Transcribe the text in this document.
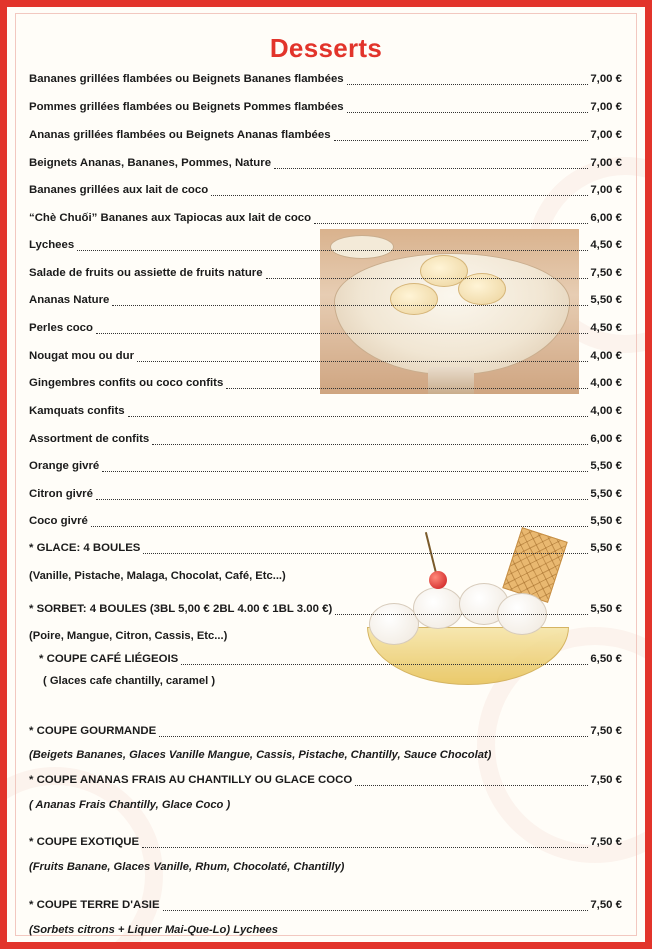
Desserts
Bananes grillées flambées ou Beignets Bananes flambées	7,00 €
Pommes grillées flambées ou Beignets Pommes flambées	7,00 €
Ananas grillées flambées ou Beignets Ananas flambées	7,00 €
Beignets Ananas, Bananes, Pommes, Nature	7,00 €
Bananes grillées aux lait de coco	7,00 €
“Chè Chuối” Bananes aux Tapiocas aux lait de coco	6,00 €
Lychees	4,50 €
Salade de fruits ou assiette de fruits nature	7,50 €
Ananas Nature	5,50 €
Perles coco	4,50 €
Nougat mou ou dur	4,00 €
Gingembres confits ou coco confits	4,00 €
Kamquats confits	4,00 €
Assortment de confits	6,00 €
Orange givré	5,50 €
Citron givré	5,50 €
Coco givré	5,50 €
* GLACE: 4 BOULES	5,50 €
(Vanille, Pistache, Malaga, Chocolat, Café, Etc...)
* SORBET: 4 BOULES (3BL 5,00 € 2BL 4.00 € 1BL 3.00 €)	5,50 €
(Poire, Mangue, Citron, Cassis, Etc...)
* COUPE CAFÉ LIÉGEOIS	6,50 €
( Glaces cafe chantilly, caramel )
* COUPE GOURMANDE	7,50 €
(Beigets Bananes, Glaces Vanille Mangue, Cassis, Pistache, Chantilly, Sauce Chocolat)
* COUPE ANANAS FRAIS AU CHANTILLY OU GLACE COCO	7,50 €
( Ananas Frais Chantilly, Glace Coco )
* COUPE EXOTIQUE	7,50 €
(Fruits Banane, Glaces Vanille, Rhum, Chocolaté, Chantilly)
* COUPE TERRE D'ASIE	7,50 €
(Sorbets citrons + Liquer Mai-Que-Lo) Lychees
